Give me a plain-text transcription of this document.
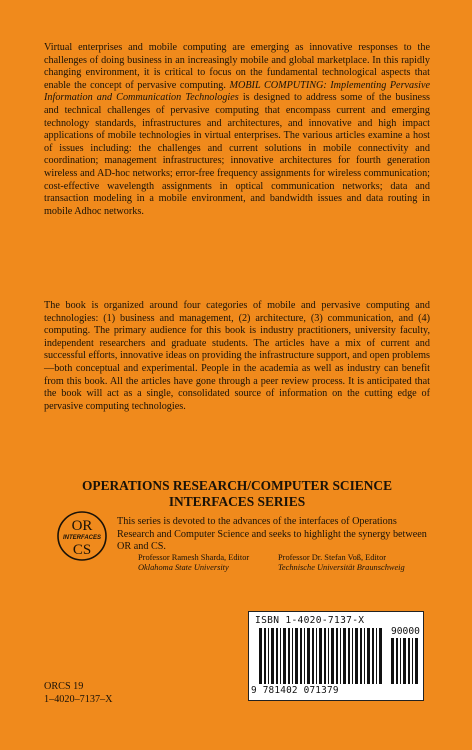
Virtual enterprises and mobile computing are emerging as innovative responses to the challenges of doing business in an increasingly mobile and global marketplace. In this rapidly changing environment, it is critical to focus on the fundamental technological aspects that enable the concept of pervasive computing. MOBIL COMPUTING: Implementing Pervasive Information and Communication Technologies is designed to address some of the business and technical challenges of pervasive computing that encompass current and emerging technology standards, infrastructures and architectures, and innovative and high impact applications of mobile technologies in virtual enterprises. The various articles examine a host of issues including: the challenges and current solutions in mobile connectivity and coordination; management infrastructures; innovative architectures for fourth generation wireless and AD-hoc networks; error-free frequency assignments for wireless communication; cost-effective wavelength assignments in optical communication networks; data and transaction modeling in a mobile environment, and bandwidth issues and data routing in mobile Adhoc networks.

The book is organized around four categories of mobile and pervasive computing and technologies: (1) business and management, (2) architecture, (3) communication, and (4) computing. The primary audience for this book is industry practitioners, university faculty, independent researchers and graduate students. The articles have a mix of current and successful efforts, innovative ideas on providing the infrastructure support, and open problems—both conceptual and experimental. People in the academia as well as industry can benefit from this book. All the articles have gone through a peer review process. It is anticipated that the book will act as a single, consolidated source of information on the cutting edge of pervasive computing technologies.

OPERATIONS RESEARCH/COMPUTER SCIENCE
INTERFACES SERIES
OR
INTERFACES
CS
This series is devoted to the advances of the interfaces of Operations Research and Computer Science and seeks to highlight the synergy between OR and CS.
Professor Ramesh Sharda, Editor
Oklahoma State University
Professor Dr. Stefan Voß, Editor
Technische Universität Braunschweig
ISBN 1-4020-7137-X
90000
9 781402 071379
ORCS 19
1–4020–7137–X
